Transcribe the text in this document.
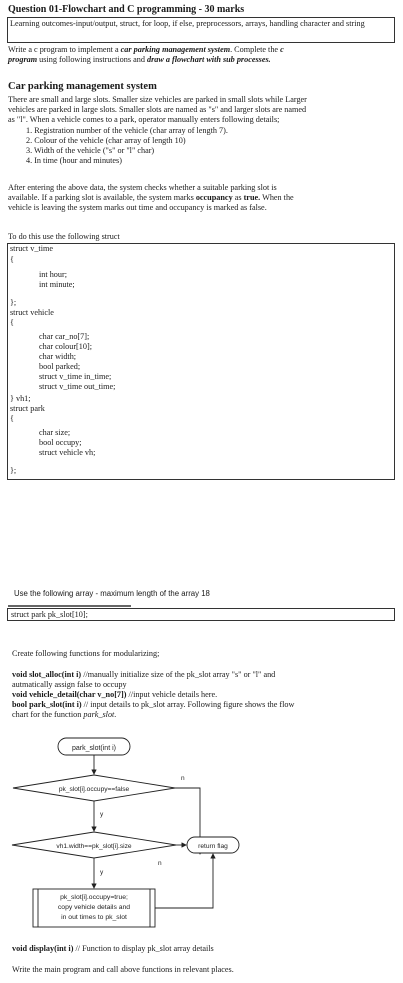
Question 01-Flowchart and C programming - 30 marks
Learning outcomes-input/output, struct, for loop, if else, preprocessors, arrays, handling character and string
Write a c program to implement a car parking management system. Complete the c
program using following instructions and draw a flowchart with sub processes.
Car parking management system
There are small and large slots. Smaller size vehicles are parked in small slots while Larger
vehicles are parked in large slots. Smaller slots are named as "s" and larger slots are named
as "l". When a vehicle comes to a park, operator manually enters following details;
1. Registration number of the vehicle (char array of length 7).
2. Colour of the vehicle (char array of length 10)
3. Width of the vehicle ("s" or "l" char)
4. In time (hour and minutes)
After entering the above data, the system checks whether a suitable parking slot is
available. If a parking slot is available, the system marks occupancy as true. When the
vehicle is leaving the system marks out time and occupancy is marked as false.
To do this use the following struct
struct v_time
{
int hour;
int minute;
};
struct vehicle
{
char car_no[7];
char colour[10];
char width;
bool parked;
struct v_time in_time;
struct v_time out_time;
} vh1;
struct park
{
char size;
bool occupy;
struct vehicle vh;
};
Use the following array - maximum length of the array 18
struct park pk_slot[10];
Create following functions for modularizing;
void slot_alloc(int i) //manually initialize size of the pk_slot array "s" or "l" and
autmatically assign false to occupy
void vehicle_detail(char v_no[7]) //input vehicle details here.
bool park_slot(int i) // input details to pk_slot array. Following figure shows the flow
chart for the function park_slot.
park_slot(int i)
pk_slot[i].occupy==false
y
n
vh1.width==pk_slot[i].size
n
y
return flag
pk_slot[i].occupy=true;
copy vehicle details and
in out times to pk_slot
void display(int i) // Function to display pk_slot array details
Write the main program and call above functions in relevant places.
